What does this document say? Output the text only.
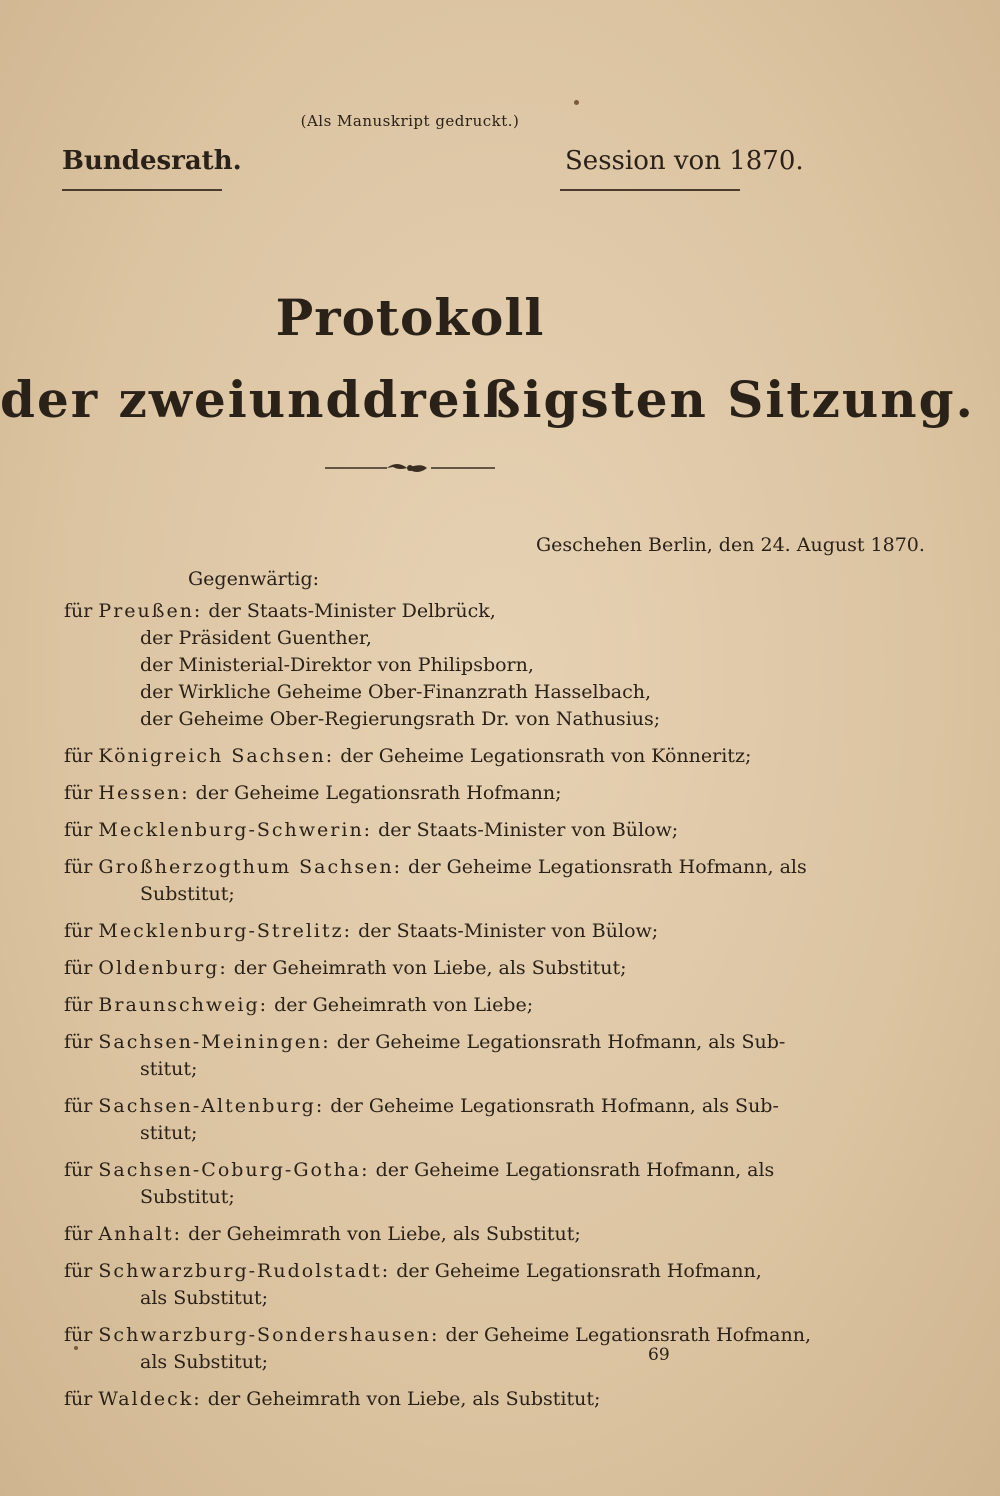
(Als Manuskript gedruckt.)
Bundesrath.	Session von 1870.
Protokoll
der zweiunddreißigsten Sitzung.
Geschehen Berlin, den 24. August 1870.
Gegenwärtig:
für Preußen: der Staats-Minister Delbrück,
der Präsident Guenther,
der Ministerial-Direktor von Philipsborn,
der Wirkliche Geheime Ober-Finanzrath Hasselbach,
der Geheime Ober-Regierungsrath Dr. von Nathusius;
für Königreich Sachsen: der Geheime Legationsrath von Könneritz;
für Hessen: der Geheime Legationsrath Hofmann;
für Mecklenburg-Schwerin: der Staats-Minister von Bülow;
für Großherzogthum Sachsen: der Geheime Legationsrath Hofmann, als
Substitut;
für Mecklenburg-Strelitz: der Staats-Minister von Bülow;
für Oldenburg: der Geheimrath von Liebe, als Substitut;
für Braunschweig: der Geheimrath von Liebe;
für Sachsen-Meiningen: der Geheime Legationsrath Hofmann, als Sub-
stitut;
für Sachsen-Altenburg: der Geheime Legationsrath Hofmann, als Sub-
stitut;
für Sachsen-Coburg-Gotha: der Geheime Legationsrath Hofmann, als
Substitut;
für Anhalt: der Geheimrath von Liebe, als Substitut;
für Schwarzburg-Rudolstadt: der Geheime Legationsrath Hofmann,
als Substitut;
für Schwarzburg-Sondershausen: der Geheime Legationsrath Hofmann,
als Substitut;
für Waldeck: der Geheimrath von Liebe, als Substitut;
69
